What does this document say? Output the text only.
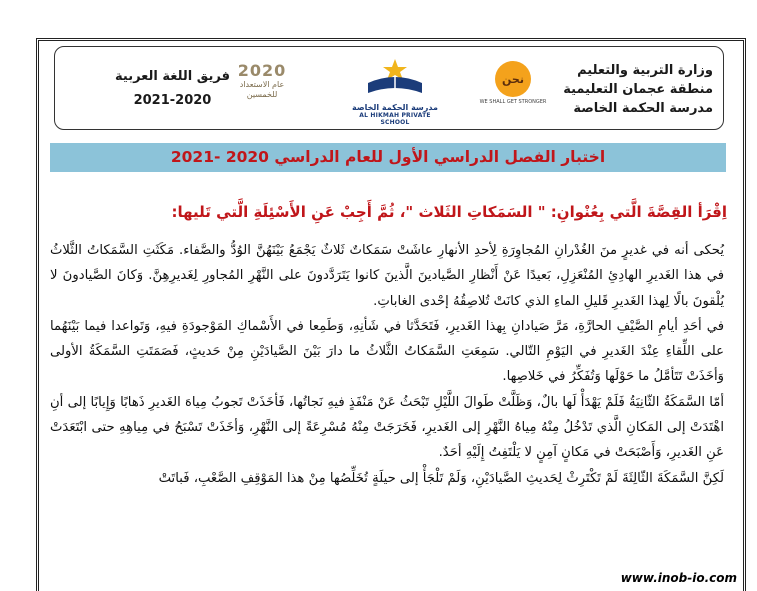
وزارة التربية والتعليم
منطقة عجمان التعليمية
مدرسة الحكمة الخاصة
نحن
WE SHALL GET STRONGER
مدرسة الحكمة الخاصة
AL HIKMAH PRIVATE SCHOOL
2020
عام الاستعداد للخمسين
فريق اللغة العربية
2021-2020
اختبار الفصل الدراسي الأول للعام الدراسي 2020 -2021
اِقْرَأ القِصَّةَ الَّتي بِعُنْوانِ: " السَمَكاتِ الثَلاث "، ثُمَّ أَجِبْ عَنِ الأَسْئِلَةِ الَّتي تَليها:

يُحكى أنه في غديرٍ منَ الغُدْرانِ المُجاوِرَةِ لِأحدِ الأنهارِ عاشَتْ سَمَكاتٌ ثَلاثٌ يَجْمَعُ بَيْنَهُنَّ الوُدُّ والصَّفاء. مَكَثَتِ السَّمَكاتُ الثَّلاثُ في هذا الغَديرِ الهادِئِ المُنْعَزِلِ، بَعيدًا عَنْ أَنْظارِ الصَّيادينَ الَّذينَ كانوا يَتَرَدَّدونَ على النَّهْرِ المُجاورِ لِغَديرِهِنَّ. وَكانَ الصَّيادونَ لا يُلْقونَ بالًا لِهذا الغَديرِ قَليلِ الماءِ الذي كانَتْ تُلاصِقُهُ إحْدى الغاباتِ.

في أحَدِ أيامِ الصَّيْفِ الحارَّةِ، مَرَّ صَيادانِ بِهذا الغَديرِ، فَتَحَدَّثا في شَأنِهِ، وَطَمِعا في الأَسْماكِ المَوْجودَةِ فيهِ، وَتَواعدا فيما بَيْنَهُما على اللِّقاءِ عِنْدَ الغَديرِ في اليَوْمِ التّالي. سَمِعَتِ السَّمَكاتُ الثَّلاثُ ما دارَ بَيْنَ الصَّيادَيْنِ مِنْ حَديثٍ، فَصَمَتَتِ السَّمَكَةُ الأولى وَأخَذَتْ تَتَأمَّلُ ما حَوْلَها وَتُفَكِّرُ في خَلاصِها.

أمّا السَّمَكَةُ الثّانِيَةُ فَلَمْ يَهْدَأْ لَها بالٌ، وَظَلَّتْ طَوالَ اللَّيْلِ تَبْحَثُ عَنْ مَنْفَذٍ فيهِ نَجاتُها، فَأخَذَتْ تَجوبُ مِياهَ الغَديرِ ذَهابًا وَإِيابًا إلى أنِ اهْتَدَتْ إلى المَكانِ الَّذي تَدْخُلُ مِنْهُ مِياهُ النَّهْرِ إلى الغَديرِ، فَخَرَجَتْ مِنْهُ مُسْرِعَةً إلى النَّهْرِ، وَأخَذَتْ تَسْبَحُ في مِياهِهِ حتى ابْتَعَدَتْ عَنِ الغَديرِ، وَأَصْبَحَتْ في مَكانٍ آمِنٍ لا يَلْتَفِتُ إِلَيْهِ أحَدٌ.

لَكِنَّ السَّمَكَةَ الثّالِثَةَ لَمْ تَكْتَرِثْ لِحَديثِ الصَّيادَيْنِ، وَلَمْ تَلْجَأْ إلى حيلَةٍ تُخَلِّصُها مِنْ هذا المَوْقِفِ الصَّعْبِ، فَباتَتْ

www.inob-io.com
